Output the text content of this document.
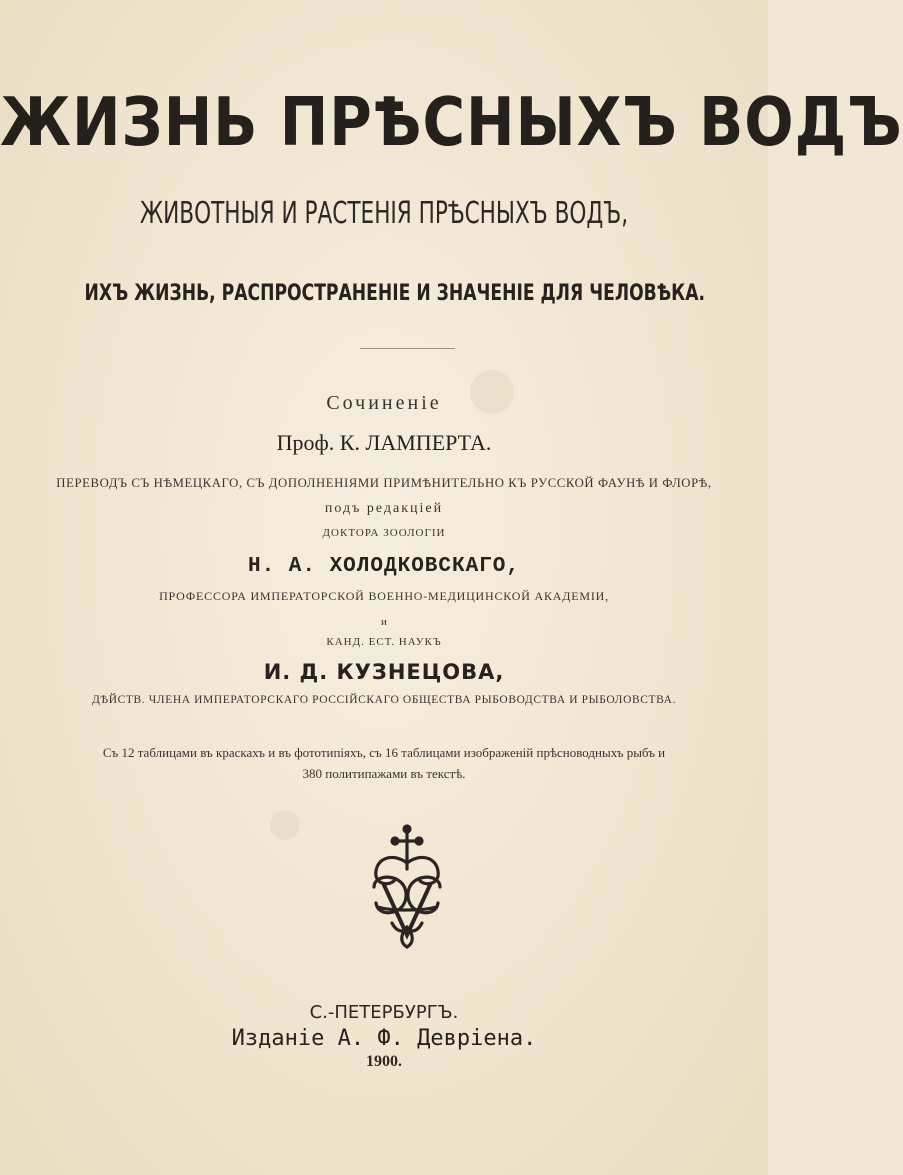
ЖИЗНЬ ПРѢСНЫХЪ ВОДЪ
ЖИВОТНЫЯ И РАСТЕНІЯ ПРѢСНЫХЪ ВОДЪ,
ИХЪ ЖИЗНЬ, РАСПРОСТРАНЕНІЕ И ЗНАЧЕНІЕ ДЛЯ ЧЕЛОВѢКА.
Сочиненіе
Проф. К. ЛАМПЕРТА.
ПЕРЕВОДЪ СЪ НѢМЕЦКАГО, СЪ ДОПОЛНЕНІЯМИ ПРИМѢНИТЕЛЬНО КЪ РУССКОЙ ФАУНѢ И ФЛОРѢ,
подъ редакціей
ДОКТОРА ЗООЛОГІИ
Н. А. ХОЛОДКОВСКАГО,
ПРОФЕССОРА ИМПЕРАТОРСКОЙ ВОЕННО-МЕДИЦИНСКОЙ АКАДЕМІИ,
и
КАНД. ЕСТ. НАУКЪ
И. Д. КУЗНЕЦОВА,
ДѢЙСТВ. ЧЛЕНА ИМПЕРАТОРСКАГО РОССІЙСКАГО ОБЩЕСТВА РЫБОВОДСТВА И РЫБОЛОВСТВА.
Съ 12 таблицами въ краскахъ и въ фототипіяхъ, съ 16 таблицами изображеній прѣсноводныхъ рыбъ и
380 политипажами въ текстѣ.
С.-ПЕТЕРБУРГЪ.
Изданіе А. Ф. Девріена.
1900.
